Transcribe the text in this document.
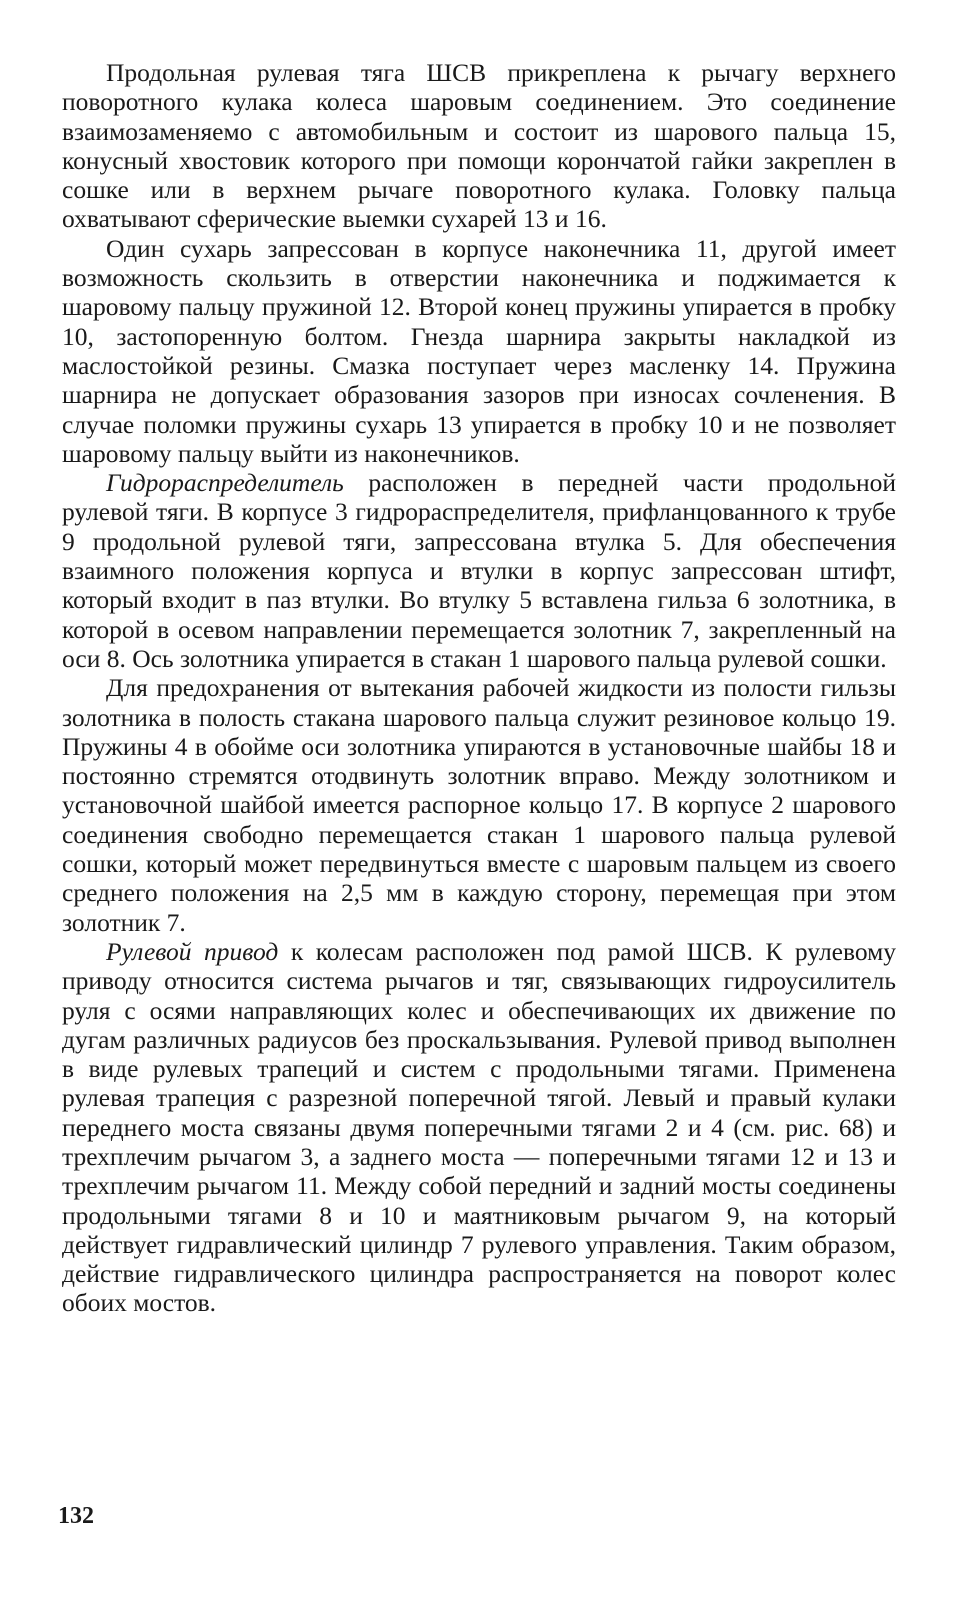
Продольная рулевая тяга ШСВ прикреплена к рычагу верхнего поворотного кулака колеса шаровым соединением. Это соединение взаимозаменяемо с автомобильным и состоит из шарового пальца 15, конусный хвостовик которого при помощи корончатой гайки закреплен в сошке или в верхнем рычаге поворотного кулака. Головку пальца охватывают сферические выемки сухарей 13 и 16.

Один сухарь запрессован в корпусе наконечника 11, другой имеет возможность скользить в отверстии наконечника и поджимается к шаровому пальцу пружиной 12. Второй конец пружины упирается в пробку 10, застопоренную болтом. Гнезда шарнира закрыты накладкой из маслостойкой резины. Смазка поступает через масленку 14. Пружина шарнира не допускает образования зазоров при износах сочленения. В случае поломки пружины сухарь 13 упирается в пробку 10 и не позволяет шаровому пальцу выйти из наконечников.

Гидрораспределитель расположен в передней части продольной рулевой тяги. В корпусе 3 гидрораспределителя, прифланцованного к трубе 9 продольной рулевой тяги, запрессована втулка 5. Для обеспечения взаимного положения корпуса и втулки в корпус запрессован штифт, который входит в паз втулки. Во втулку 5 вставлена гильза 6 золотника, в которой в осевом направлении перемещается золотник 7, закрепленный на оси 8. Ось золотника упирается в стакан 1 шарового пальца рулевой сошки.

Для предохранения от вытекания рабочей жидкости из полости гильзы золотника в полость стакана шарового пальца служит резиновое кольцо 19. Пружины 4 в обойме оси золотника упираются в установочные шайбы 18 и постоянно стремятся отодвинуть золотник вправо. Между золотником и установочной шайбой имеется распорное кольцо 17. В корпусе 2 шарового соединения свободно перемещается стакан 1 шарового пальца рулевой сошки, который может передвинуться вместе с шаровым пальцем из своего среднего положения на 2,5 мм в каждую сторону, перемещая при этом золотник 7.

Рулевой привод к колесам расположен под рамой ШСВ. К рулевому приводу относится система рычагов и тяг, связывающих гидроусилитель руля с осями направляющих колес и обеспечивающих их движение по дугам различных радиусов без проскальзывания. Рулевой привод выполнен в виде рулевых трапеций и систем с продольными тягами. Применена рулевая трапеция с разрезной поперечной тягой. Левый и правый кулаки переднего моста связаны двумя поперечными тягами 2 и 4 (см. рис. 68) и трехплечим рычагом 3, а заднего моста — поперечными тягами 12 и 13 и трехплечим рычагом 11. Между собой передний и задний мосты соединены продольными тягами 8 и 10 и маятниковым рычагом 9, на который действует гидравлический цилиндр 7 рулевого управления. Таким образом, действие гидравлического цилиндра распространяется на поворот колес обоих мостов.

132
